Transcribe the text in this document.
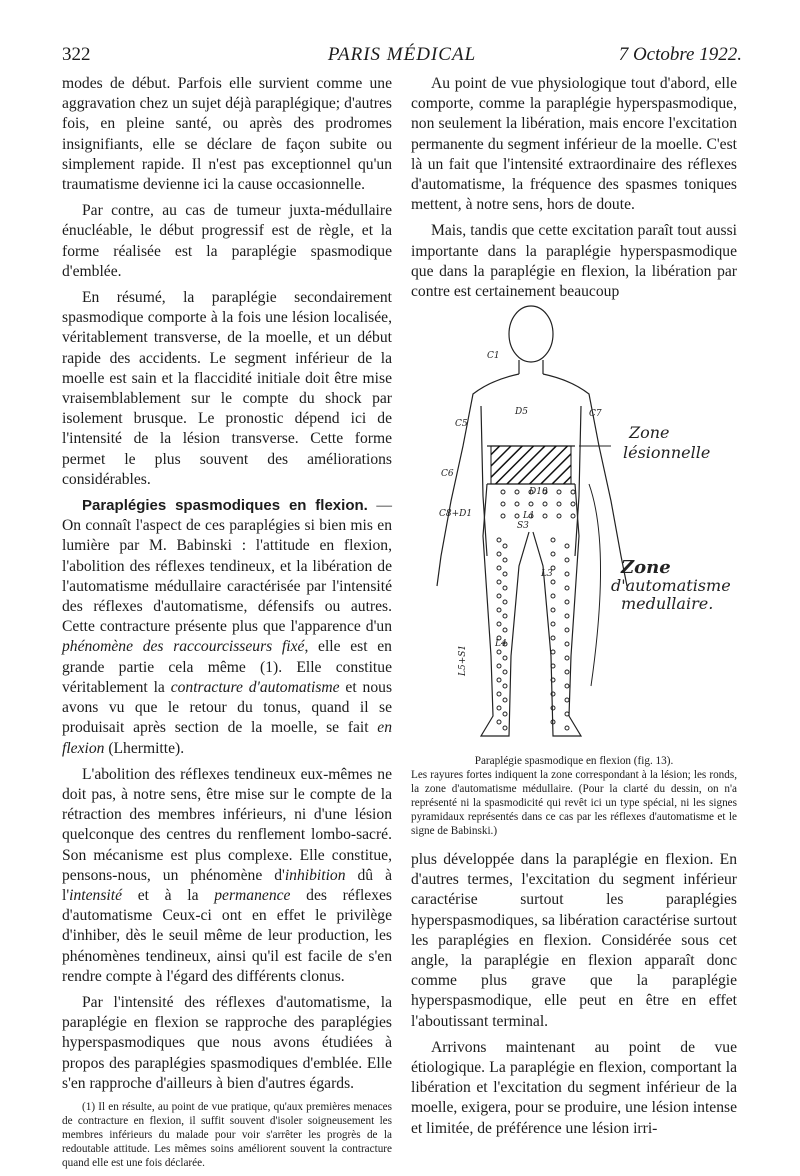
322	PARIS MÉDICAL	7 Octobre 1922.

modes de début. Parfois elle survient comme une aggravation chez un sujet déjà paraplégique; d'autres fois, en pleine santé, ou après des prodromes insignifiants, elle se déclare de façon subite ou simplement rapide. Il n'est pas exceptionnel qu'un traumatisme devienne ici la cause occasionnelle.

Par contre, au cas de tumeur juxta-médullaire énucléable, le début progressif est de règle, et la forme réalisée est la paraplégie spasmodique d'emblée.

En résumé, la paraplégie secondairement spasmodique comporte à la fois une lésion localisée, véritablement transverse, de la moelle, et un début rapide des accidents. Le segment inférieur de la moelle est sain et la flaccidité initiale doit être mise vraisemblablement sur le compte du shock par isolement brusque. Le pronostic dépend ici de l'intensité de la lésion transverse. Cette forme permet le plus souvent des améliorations considérables.

Paraplégies spasmodiques en flexion. — On connaît l'aspect de ces paraplégies si bien mis en lumière par M. Babinski : l'attitude en flexion, l'abolition des réflexes tendineux, et la libération de l'automatisme médullaire caractérisée par l'intensité des réflexes d'automatisme, défensifs ou autres. Cette contracture présente plus que l'apparence d'un phénomène des raccourcisseurs fixé, elle est en grande partie cela même (1). Elle constitue véritablement la contracture d'automatisme et nous avons vu que le retour du tonus, quand il se produisait après section de la moelle, se fait en flexion (Lhermitte).

L'abolition des réflexes tendineux eux-mêmes ne doit pas, à notre sens, être mise sur le compte de la rétraction des membres inférieurs, ni d'une lésion quelconque des centres du renflement lombo-sacré. Son mécanisme est plus complexe. Elle constitue, pensons-nous, un phénomène d'inhibition dû à l'intensité et à la permanence des réflexes d'automatisme Ceux-ci ont en effet le privilège d'inhiber, dès le seuil même de leur production, les phénomènes tendineux, ainsi qu'il est facile de s'en rendre compte à l'égard des différents clonus.

Par l'intensité des réflexes d'automatisme, la paraplégie en flexion se rapproche des paraplégies hyperspasmodiques que nous avons étudiées à propos des paraplégies spasmodiques d'emblée. Elle s'en rapproche d'ailleurs à bien d'autres égards.

(1) Il en résulte, au point de vue pratique, qu'aux premières menaces de contracture en flexion, il suffit souvent d'isoler soigneusement les membres inférieurs du malade pour voir s'arrêter les progrès de la redoutable attitude. Les mêmes soins améliorent souvent la contracture quand elle est une fois déclarée.

Au point de vue physiologique tout d'abord, elle comporte, comme la paraplégie hyperspasmodique, non seulement la libération, mais encore l'excitation permanente du segment inférieur de la moelle. C'est là un fait que l'intensité extraordinaire des réflexes d'automatisme, la fréquence des spasmes toniques mettent, à notre sens, hors de doute.

Mais, tandis que cette excitation paraît tout aussi importante dans la paraplégie hyperspasmodique que dans la paraplégie en flexion, la libération par contre est certainement beaucoup

Zone
lésionnelle
Zone
d'automatisme
medullaire.
C1
C5
C6
C7
C8+D1
D5
D10
L1
L3
S3
L4
L5+S1
Paraplégie spasmodique en flexion (fig. 13).
Les rayures fortes indiquent la zone correspondant à la lésion; les ronds, la zone d'automatisme médullaire. (Pour la clarté du dessin, on n'a représenté ni la spasmodicité qui revêt ici un type spécial, ni les signes pyramidaux représentés dans ce cas par les réflexes d'automatisme et le signe de Babinski.)

plus développée dans la paraplégie en flexion. En d'autres termes, l'excitation du segment inférieur caractérise surtout les paraplégies hyperspasmodiques, sa libération caractérise surtout les paraplégies en flexion. Considérée sous cet angle, la paraplégie en flexion apparaît donc comme plus grave que la paraplégie hyperspasmodique, elle peut en être en effet l'aboutissant terminal.

Arrivons maintenant au point de vue étiologique. La paraplégie en flexion, comportant la libération et l'excitation du segment inférieur de la moelle, exigera, pour se produire, une lésion intense et limitée, de préférence une lésion irri-
